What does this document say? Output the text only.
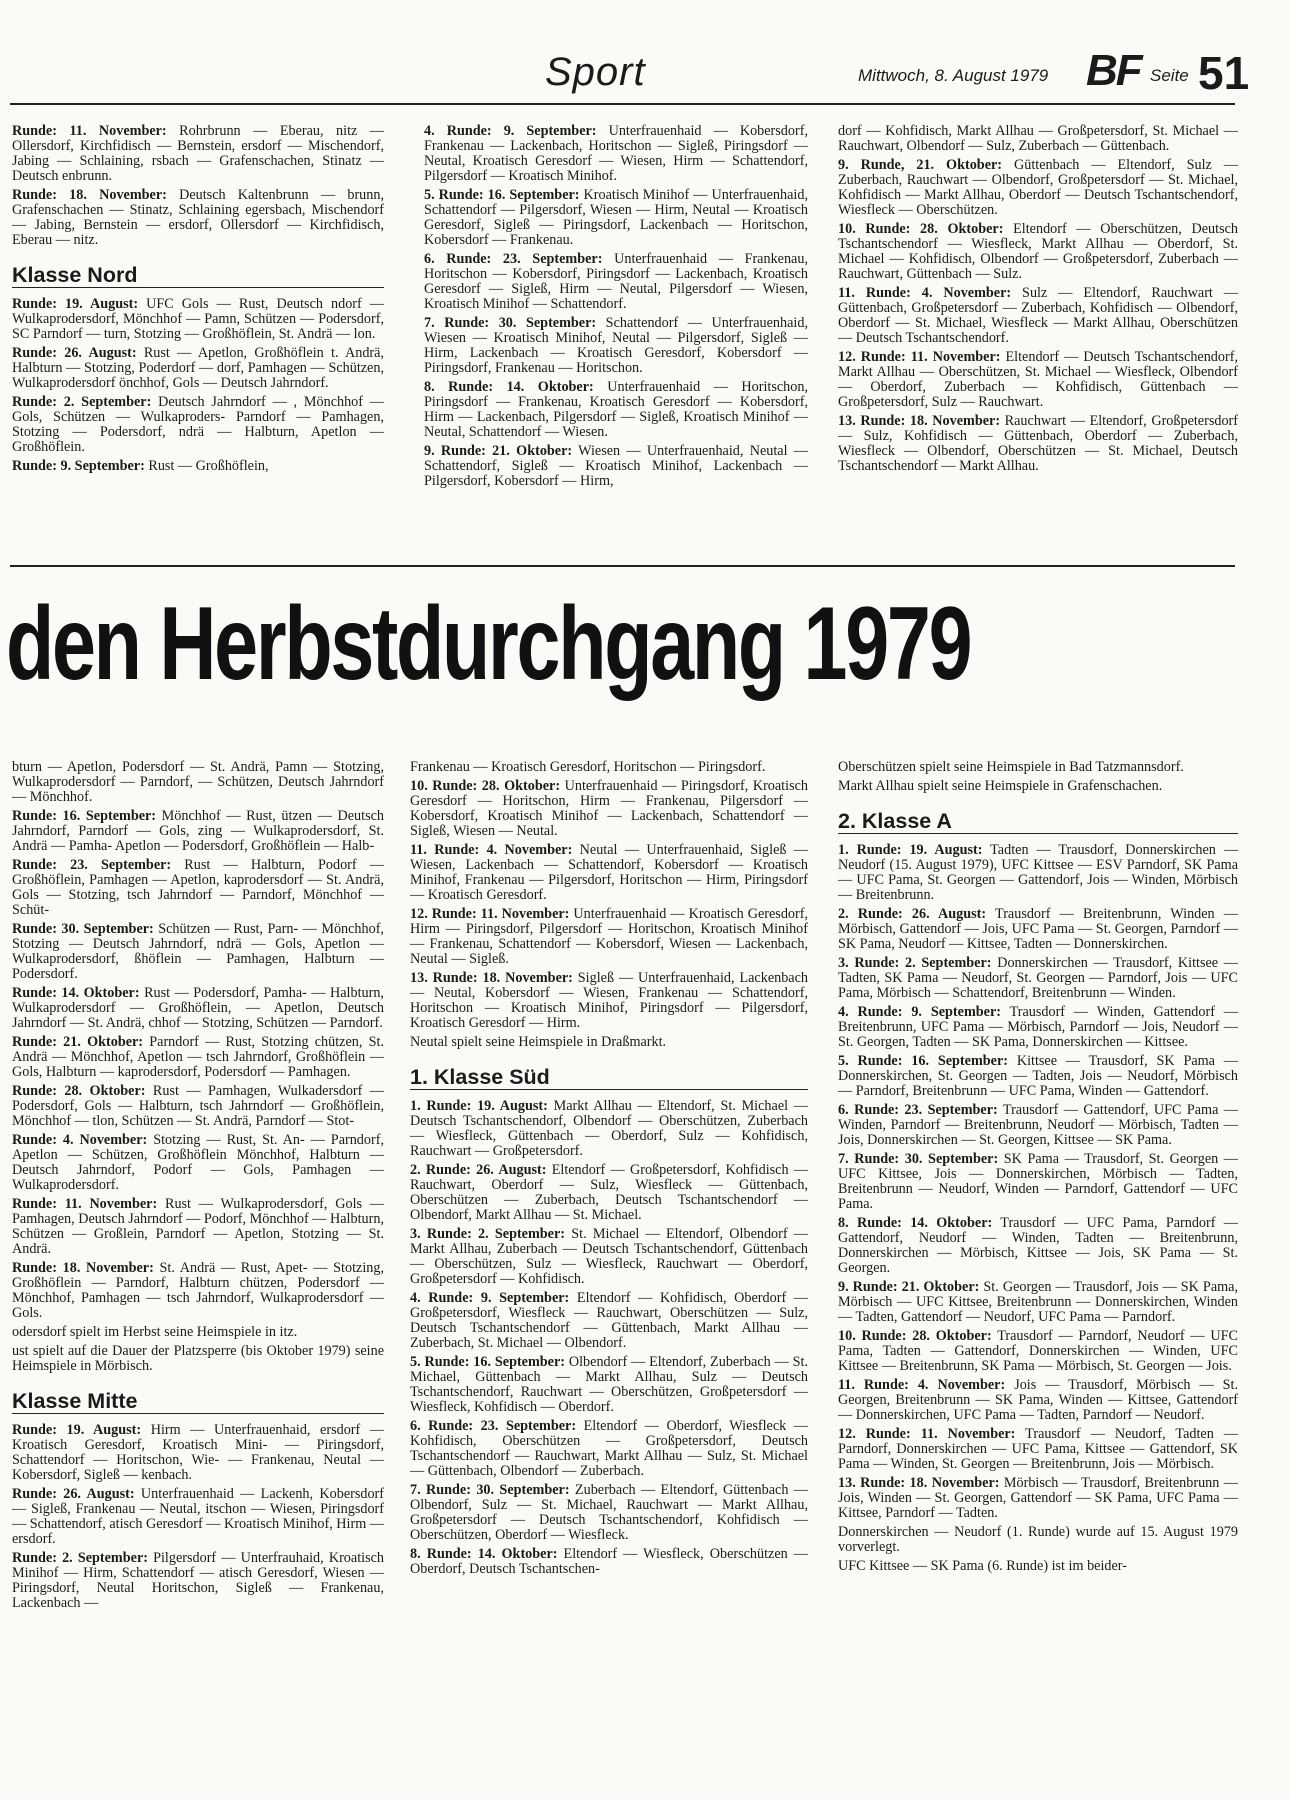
Sport	Mittwoch, 8. August 1979 BF Seite 51

Runde: 11. November: Rohrbrunn — Eberau, nitz — Ollersdorf, Kirchfidisch — Bernstein, ersdorf — Mischendorf, Jabing — Schlaining, rsbach — Grafenschachen, Stinatz — Deutsch enbrunn.

Runde: 18. November: Deutsch Kaltenbrunn — brunn, Grafenschachen — Stinatz, Schlaining egersbach, Mischendorf — Jabing, Bernstein — ersdorf, Ollersdorf — Kirchfidisch, Eberau — nitz.

Klasse Nord

Runde: 19. August: UFC Gols — Rust, Deutsch ndorf — Wulkaprodersdorf, Mönchhof — Pamn, Schützen — Podersdorf, SC Parndorf — turn, Stotzing — Großhöflein, St. Andrä — lon.

Runde: 26. August: Rust — Apetlon, Großhöflein t. Andrä, Halbturn — Stotzing, Poderdorf — dorf, Pamhagen — Schützen, Wulkaprodersdorf önchhof, Gols — Deutsch Jahrndorf.

Runde: 2. September: Deutsch Jahrndorf — , Mönchhof — Gols, Schützen — Wulkaproders- Parndorf — Pamhagen, Stotzing — Podersdorf, ndrä — Halbturn, Apetlon — Großhöflein.

Runde: 9. September: Rust — Großhöflein,

4. Runde: 9. September: Unterfrauenhaid — Kobersdorf, Frankenau — Lackenbach, Horitschon — Sigleß, Piringsdorf — Neutal, Kroatisch Geresdorf — Wiesen, Hirm — Schattendorf, Pilgersdorf — Kroatisch Minihof.

5. Runde: 16. September: Kroatisch Minihof — Unterfrauenhaid, Schattendorf — Pilgersdorf, Wiesen — Hirm, Neutal — Kroatisch Geresdorf, Sigleß — Piringsdorf, Lackenbach — Horitschon, Kobersdorf — Frankenau.

6. Runde: 23. September: Unterfrauenhaid — Frankenau, Horitschon — Kobersdorf, Piringsdorf — Lackenbach, Kroatisch Geresdorf — Sigleß, Hirm — Neutal, Pilgersdorf — Wiesen, Kroatisch Minihof — Schattendorf.

7. Runde: 30. September: Schattendorf — Unterfrauenhaid, Wiesen — Kroatisch Minihof, Neutal — Pilgersdorf, Sigleß — Hirm, Lackenbach — Kroatisch Geresdorf, Kobersdorf — Piringsdorf, Frankenau — Horitschon.

8. Runde: 14. Oktober: Unterfrauenhaid — Horitschon, Piringsdorf — Frankenau, Kroatisch Geresdorf — Kobersdorf, Hirm — Lackenbach, Pilgersdorf — Sigleß, Kroatisch Minihof — Neutal, Schattendorf — Wiesen.

9. Runde: 21. Oktober: Wiesen — Unterfrauenhaid, Neutal — Schattendorf, Sigleß — Kroatisch Minihof, Lackenbach — Pilgersdorf, Kobersdorf — Hirm,

dorf — Kohfidisch, Markt Allhau — Großpetersdorf, St. Michael — Rauchwart, Olbendorf — Sulz, Zuberbach — Güttenbach.

9. Runde, 21. Oktober: Güttenbach — Eltendorf, Sulz — Zuberbach, Rauchwart — Olbendorf, Großpetersdorf — St. Michael, Kohfidisch — Markt Allhau, Oberdorf — Deutsch Tschantschendorf, Wiesfleck — Oberschützen.

10. Runde: 28. Oktober: Eltendorf — Oberschützen, Deutsch Tschantschendorf — Wiesfleck, Markt Allhau — Oberdorf, St. Michael — Kohfidisch, Olbendorf — Großpetersdorf, Zuberbach — Rauchwart, Güttenbach — Sulz.

11. Runde: 4. November: Sulz — Eltendorf, Rauchwart — Güttenbach, Großpetersdorf — Zuberbach, Kohfidisch — Olbendorf, Oberdorf — St. Michael, Wiesfleck — Markt Allhau, Oberschützen — Deutsch Tschantschendorf.

12. Runde: 11. November: Eltendorf — Deutsch Tschantschendorf, Markt Allhau — Oberschützen, St. Michael — Wiesfleck, Olbendorf — Oberdorf, Zuberbach — Kohfidisch, Güttenbach — Großpetersdorf, Sulz — Rauchwart.

13. Runde: 18. November: Rauchwart — Eltendorf, Großpetersdorf — Sulz, Kohfidisch — Güttenbach, Oberdorf — Zuberbach, Wiesfleck — Olbendorf, Oberschützen — St. Michael, Deutsch Tschantschendorf — Markt Allhau.

den Herbstdurchgang 1979

bturn — Apetlon, Podersdorf — St. Andrä, Pamn — Stotzing, Wulkaprodersdorf — Parndorf, — Schützen, Deutsch Jahrndorf — Mönchhof.

Runde: 16. September: Mönchhof — Rust, ützen — Deutsch Jahrndorf, Parndorf — Gols, zing — Wulkaprodersdorf, St. Andrä — Pamha- Apetlon — Podersdorf, Großhöflein — Halb-

Runde: 23. September: Rust — Halbturn, Podorf — Großhöflein, Pamhagen — Apetlon, kaprodersdorf — St. Andrä, Gols — Stotzing, tsch Jahrndorf — Parndorf, Mönchhof — Schüt-

Runde: 30. September: Schützen — Rust, Parn- — Mönchhof, Stotzing — Deutsch Jahrndorf, ndrä — Gols, Apetlon — Wulkaprodersdorf, ßhöflein — Pamhagen, Halbturn — Podersdorf.

Runde: 14. Oktober: Rust — Podersdorf, Pamha- — Halbturn, Wulkaprodersdorf — Großhöflein, — Apetlon, Deutsch Jahrndorf — St. Andrä, chhof — Stotzing, Schützen — Parndorf.

Runde: 21. Oktober: Parndorf — Rust, Stotzing chützen, St. Andrä — Mönchhof, Apetlon — tsch Jahrndorf, Großhöflein — Gols, Halbturn — kaprodersdorf, Podersdorf — Pamhagen.

Runde: 28. Oktober: Rust — Pamhagen, Wulkadersdorf — Podersdorf, Gols — Halbturn, tsch Jahrndorf — Großhöflein, Mönchhof — tlon, Schützen — St. Andrä, Parndorf — Stot-

Runde: 4. November: Stotzing — Rust, St. An- — Parndorf, Apetlon — Schützen, Großhöflein Mönchhof, Halbturn — Deutsch Jahrndorf, Podorf — Gols, Pamhagen — Wulkaprodersdorf.

Runde: 11. November: Rust — Wulkaprodersdorf, Gols — Pamhagen, Deutsch Jahrndorf — Podorf, Mönchhof — Halbturn, Schützen — Großlein, Parndorf — Apetlon, Stotzing — St. Andrä.

Runde: 18. November: St. Andrä — Rust, Apet- — Stotzing, Großhöflein — Parndorf, Halbturn chützen, Podersdorf — Mönchhof, Pamhagen — tsch Jahrndorf, Wulkaprodersdorf — Gols.

odersdorf spielt im Herbst seine Heimspiele in itz.

ust spielt auf die Dauer der Platzsperre (bis Oktober 1979) seine Heimspiele in Mörbisch.

Klasse Mitte

Runde: 19. August: Hirm — Unterfrauenhaid, ersdorf — Kroatisch Geresdorf, Kroatisch Mini- — Piringsdorf, Schattendorf — Horitschon, Wie- — Frankenau, Neutal — Kobersdorf, Sigleß — kenbach.

Runde: 26. August: Unterfrauenhaid — Lackenh, Kobersdorf — Sigleß, Frankenau — Neutal, itschon — Wiesen, Piringsdorf — Schattendorf, atisch Geresdorf — Kroatisch Minihof, Hirm — ersdorf.

Runde: 2. September: Pilgersdorf — Unterfrauhaid, Kroatisch Minihof — Hirm, Schattendorf — atisch Geresdorf, Wiesen — Piringsdorf, Neutal Horitschon, Sigleß — Frankenau, Lackenbach —

Frankenau — Kroatisch Geresdorf, Horitschon — Piringsdorf.

10. Runde: 28. Oktober: Unterfrauenhaid — Piringsdorf, Kroatisch Geresdorf — Horitschon, Hirm — Frankenau, Pilgersdorf — Kobersdorf, Kroatisch Minihof — Lackenbach, Schattendorf — Sigleß, Wiesen — Neutal.

11. Runde: 4. November: Neutal — Unterfrauenhaid, Sigleß — Wiesen, Lackenbach — Schattendorf, Kobersdorf — Kroatisch Minihof, Frankenau — Pilgersdorf, Horitschon — Hirm, Piringsdorf — Kroatisch Geresdorf.

12. Runde: 11. November: Unterfrauenhaid — Kroatisch Geresdorf, Hirm — Piringsdorf, Pilgersdorf — Horitschon, Kroatisch Minihof — Frankenau, Schattendorf — Kobersdorf, Wiesen — Lackenbach, Neutal — Sigleß.

13. Runde: 18. November: Sigleß — Unterfrauenhaid, Lackenbach — Neutal, Kobersdorf — Wiesen, Frankenau — Schattendorf, Horitschon — Kroatisch Minihof, Piringsdorf — Pilgersdorf, Kroatisch Geresdorf — Hirm.

Neutal spielt seine Heimspiele in Draßmarkt.

1. Klasse Süd

1. Runde: 19. August: Markt Allhau — Eltendorf, St. Michael — Deutsch Tschantschendorf, Olbendorf — Oberschützen, Zuberbach — Wiesfleck, Güttenbach — Oberdorf, Sulz — Kohfidisch, Rauchwart — Großpetersdorf.

2. Runde: 26. August: Eltendorf — Großpetersdorf, Kohfidisch — Rauchwart, Oberdorf — Sulz, Wiesfleck — Güttenbach, Oberschützen — Zuberbach, Deutsch Tschantschendorf — Olbendorf, Markt Allhau — St. Michael.

3. Runde: 2. September: St. Michael — Eltendorf, Olbendorf — Markt Allhau, Zuberbach — Deutsch Tschantschendorf, Güttenbach — Oberschützen, Sulz — Wiesfleck, Rauchwart — Oberdorf, Großpetersdorf — Kohfidisch.

4. Runde: 9. September: Eltendorf — Kohfidisch, Oberdorf — Großpetersdorf, Wiesfleck — Rauchwart, Oberschützen — Sulz, Deutsch Tschantschendorf — Güttenbach, Markt Allhau — Zuberbach, St. Michael — Olbendorf.

5. Runde: 16. September: Olbendorf — Eltendorf, Zuberbach — St. Michael, Güttenbach — Markt Allhau, Sulz — Deutsch Tschantschendorf, Rauchwart — Oberschützen, Großpetersdorf — Wiesfleck, Kohfidisch — Oberdorf.

6. Runde: 23. September: Eltendorf — Oberdorf, Wiesfleck — Kohfidisch, Oberschützen — Großpetersdorf, Deutsch Tschantschendorf — Rauchwart, Markt Allhau — Sulz, St. Michael — Güttenbach, Olbendorf — Zuberbach.

7. Runde: 30. September: Zuberbach — Eltendorf, Güttenbach — Olbendorf, Sulz — St. Michael, Rauchwart — Markt Allhau, Großpetersdorf — Deutsch Tschantschendorf, Kohfidisch — Oberschützen, Oberdorf — Wiesfleck.

8. Runde: 14. Oktober: Eltendorf — Wiesfleck, Oberschützen — Oberdorf, Deutsch Tschantschen-

Oberschützen spielt seine Heimspiele in Bad Tatzmannsdorf.

Markt Allhau spielt seine Heimspiele in Grafenschachen.

2. Klasse A

1. Runde: 19. August: Tadten — Trausdorf, Donnerskirchen — Neudorf (15. August 1979), UFC Kittsee — ESV Parndorf, SK Pama — UFC Pama, St. Georgen — Gattendorf, Jois — Winden, Mörbisch — Breitenbrunn.

2. Runde: 26. August: Trausdorf — Breitenbrunn, Winden — Mörbisch, Gattendorf — Jois, UFC Pama — St. Georgen, Parndorf — SK Pama, Neudorf — Kittsee, Tadten — Donnerskirchen.

3. Runde: 2. September: Donnerskirchen — Trausdorf, Kittsee — Tadten, SK Pama — Neudorf, St. Georgen — Parndorf, Jois — UFC Pama, Mörbisch — Schattendorf, Breitenbrunn — Winden.

4. Runde: 9. September: Trausdorf — Winden, Gattendorf — Breitenbrunn, UFC Pama — Mörbisch, Parndorf — Jois, Neudorf — St. Georgen, Tadten — SK Pama, Donnerskirchen — Kittsee.

5. Runde: 16. September: Kittsee — Trausdorf, SK Pama — Donnerskirchen, St. Georgen — Tadten, Jois — Neudorf, Mörbisch — Parndorf, Breitenbrunn — UFC Pama, Winden — Gattendorf.

6. Runde: 23. September: Trausdorf — Gattendorf, UFC Pama — Winden, Parndorf — Breitenbrunn, Neudorf — Mörbisch, Tadten — Jois, Donnerskirchen — St. Georgen, Kittsee — SK Pama.

7. Runde: 30. September: SK Pama — Trausdorf, St. Georgen — UFC Kittsee, Jois — Donnerskirchen, Mörbisch — Tadten, Breitenbrunn — Neudorf, Winden — Parndorf, Gattendorf — UFC Pama.

8. Runde: 14. Oktober: Trausdorf — UFC Pama, Parndorf — Gattendorf, Neudorf — Winden, Tadten — Breitenbrunn, Donnerskirchen — Mörbisch, Kittsee — Jois, SK Pama — St. Georgen.

9. Runde: 21. Oktober: St. Georgen — Trausdorf, Jois — SK Pama, Mörbisch — UFC Kittsee, Breitenbrunn — Donnerskirchen, Winden — Tadten, Gattendorf — Neudorf, UFC Pama — Parndorf.

10. Runde: 28. Oktober: Trausdorf — Parndorf, Neudorf — UFC Pama, Tadten — Gattendorf, Donnerskirchen — Winden, UFC Kittsee — Breitenbrunn, SK Pama — Mörbisch, St. Georgen — Jois.

11. Runde: 4. November: Jois — Trausdorf, Mörbisch — St. Georgen, Breitenbrunn — SK Pama, Winden — Kittsee, Gattendorf — Donnerskirchen, UFC Pama — Tadten, Parndorf — Neudorf.

12. Runde: 11. November: Trausdorf — Neudorf, Tadten — Parndorf, Donnerskirchen — UFC Pama, Kittsee — Gattendorf, SK Pama — Winden, St. Georgen — Breitenbrunn, Jois — Mörbisch.

13. Runde: 18. November: Mörbisch — Trausdorf, Breitenbrunn — Jois, Winden — St. Georgen, Gattendorf — SK Pama, UFC Pama — Kittsee, Parndorf — Tadten.

Donnerskirchen — Neudorf (1. Runde) wurde auf 15. August 1979 vorverlegt.

UFC Kittsee — SK Pama (6. Runde) ist im beider-
